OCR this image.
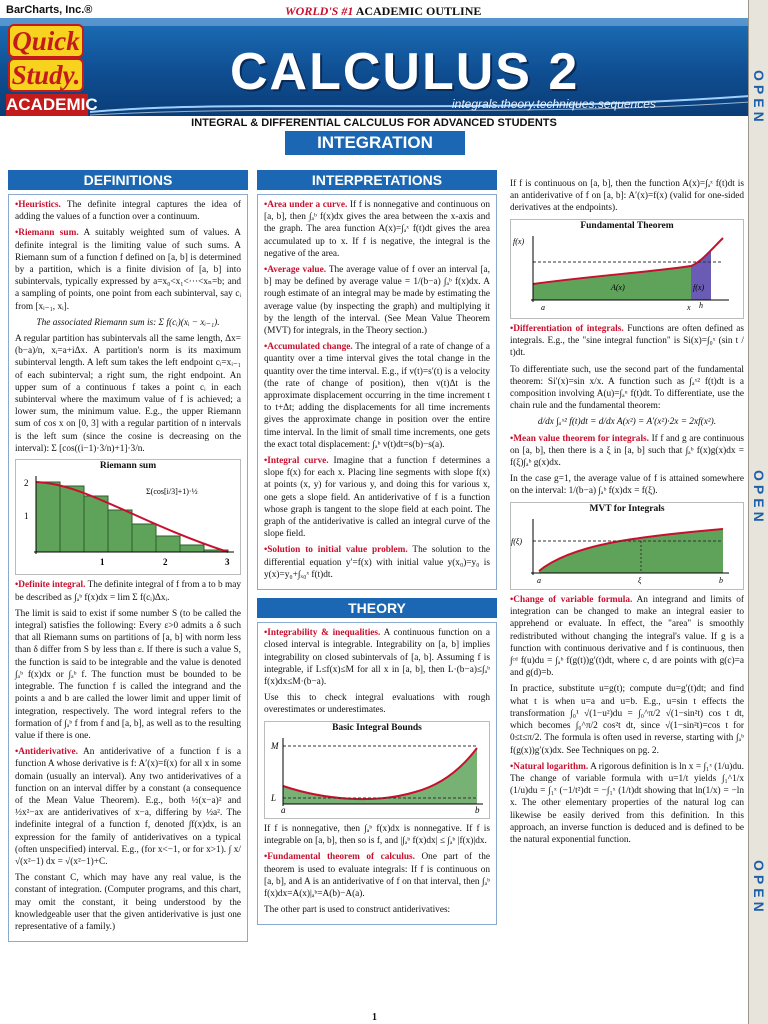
BarCharts, Inc.®	WORLD'S #1 ACADEMIC OUTLINE
Quick
Study.
ACADEMIC
CALCULUS 2
integrals.theory.techniques.sequences	OPEN
OPEN
OPEN
INTEGRAL & DIFFERENTIAL CALCULUS FOR ADVANCED STUDENTS
INTEGRATION
DEFINITIONS

•Heuristics. The definite integral captures the idea of adding the values of a function over a continuum.

•Riemann sum. A suitably weighted sum of values. A definite integral is the limiting value of such sums. A Riemann sum of a function f defined on [a, b] is determined by a partition, which is a finite division of [a, b] into subintervals, typically expressed by a=x₀<x₁<···<xₙ=b; and a sampling of points, one point from each subinterval, say cᵢ from [xᵢ₋₁, xᵢ].

The associated Riemann sum is: Σ f(cᵢ)(xᵢ − xᵢ₋₁).

A regular partition has subintervals all the same length, Δx=(b−a)/n, xᵢ=a+iΔx. A partition's norm is its maximum subinterval length. A left sum takes the left endpoint cᵢ=xᵢ₋₁ of each subinterval; a right sum, the right endpoint. An upper sum of a continuous f takes a point cᵢ in each subinterval where the maximum value of f is achieved; a lower sum, the minimum value. E.g., the upper Riemann sum of cos x on [0, 3] with a regular partition of n intervals is the left sum (since the cosine is decreasing on the interval): Σ [cos((i−1)·3/n)+1]·3/n.

Riemann sum
2
1
1	2	3
Σ(cos[i/3]+1)·½

•Definite integral. The definite integral of f from a to b may be described as ∫ₐᵇ f(x)dx = lim Σ f(cᵢ)Δxᵢ.

The limit is said to exist if some number S (to be called the integral) satisfies the following: Every ε>0 admits a δ such that all Riemann sums on partitions of [a, b] with norm less than δ differ from S by less than ε. If there is such a value S, the function is said to be integrable and the value is denoted ∫ₐᵇ f(x)dx or ∫ₐᵇ f. The function must be bounded to be integrable. The function f is called the integrand and the points a and b are called the lower limit and upper limit of integration, respectively. The word integral refers to the formation of ∫ₐᵇ f from f and [a, b], as well as to the resulting value if there is one.

•Antiderivative. An antiderivative of a function f is a function A whose derivative is f: A′(x)=f(x) for all x in some domain (usually an interval). Any two antiderivatives of a function on an interval differ by a constant (a consequence of the Mean Value Theorem). E.g., both ½(x−a)² and ½x²−ax are antiderivatives of x−a, differing by ½a². The indefinite integral of a function f, denoted ∫f(x)dx, is an expression for the family of antiderivatives on a typical (often unspecified) interval. E.g., (for x<−1, or for x>1). ∫ x/√(x²−1) dx = √(x²−1)+C.

The constant C, which may have any real value, is the constant of integration. (Computer programs, and this chart, may omit the constant, it being understood by the knowledgeable user that the given antiderivative is just one representative of a family.)

INTERPRETATIONS

•Area under a curve. If f is nonnegative and continuous on [a, b], then ∫ₐᵇ f(x)dx gives the area between the x-axis and the graph. The area function A(x)=∫ₐˣ f(t)dt gives the area accumulated up to x. If f is negative, the integral is the negative of the area.

•Average value. The average value of f over an interval [a, b] may be defined by average value = 1/(b−a) ∫ₐᵇ f(x)dx. A rough estimate of an integral may be made by estimating the average value (by inspecting the graph) and multiplying it by the length of the interval. (See Mean Value Theorem (MVT) for integrals, in the Theory section.)

•Accumulated change. The integral of a rate of change of a quantity over a time interval gives the total change in the quantity over the time interval. E.g., if v(t)=s′(t) is a velocity (the rate of change of position), then v(t)Δt is the approximate displacement occurring in the time increment t to t+Δt; adding the displacements for all time increments gives the approximate change in position over the entire time interval. In the limit of small time increments, one gets the exact total displacement: ∫ₐᵇ v(t)dt=s(b)−s(a).

•Integral curve. Imagine that a function f determines a slope f(x) for each x. Placing line segments with slope f(x) at points (x, y) for various y, and doing this for various x, one gets a slope field. An antiderivative of f is a function whose graph is tangent to the slope field at each point. The graph of the antiderivative is called an integral curve of the slope field.

•Solution to initial value problem. The solution to the differential equation y′=f(x) with initial value y(x₀)=y₀ is y(x)=y₀+∫ₓ₀ˣ f(t)dt.

THEORY

•Integrability & inequalities. A continuous function on a closed interval is integrable. Integrability on [a, b] implies integrability on closed subintervals of [a, b]. Assuming f is integrable, if L≤f(x)≤M for all x in [a, b], then L·(b−a)≤∫ₐᵇ f(x)dx≤M·(b−a).

Use this to check integral evaluations with rough overestimates or underestimates.

Basic Integral Bounds
M
L
a	b

If f is nonnegative, then ∫ₐᵇ f(x)dx is nonnegative. If f is integrable on [a, b], then so is f, and |∫ₐᵇ f(x)dx| ≤ ∫ₐᵇ |f(x)|dx.

•Fundamental theorem of calculus. One part of the theorem is used to evaluate integrals: If f is continuous on [a, b], and A is an antiderivative of f on that interval, then ∫ₐᵇ f(x)dx=A(x)|ₐᵇ=A(b)−A(a).

The other part is used to construct antiderivatives:

If f is continuous on [a, b], then the function A(x)=∫ₐˣ f(t)dt is an antiderivative of f on [a, b]: A′(x)=f(x) (valid for one-sided derivatives at the endpoints).

Fundamental Theorem
f(x)
A(x)	f(x)
h
a	x

•Differentiation of integrals. Functions are often defined as integrals. E.g., the "sine integral function" is Si(x)=∫₀ˣ (sin t / t)dt.

To differentiate such, use the second part of the fundamental theorem: Si′(x)=sin x/x. A function such as ∫ₐˣ² f(t)dt is a composition involving A(u)=∫ₐᵘ f(t)dt. To differentiate, use the chain rule and the fundamental theorem:

d/dx ∫ₐˣ² f(t)dt = d/dx A(x²) = A′(x²)·2x = 2xf(x²).

•Mean value theorem for integrals. If f and g are continuous on [a, b], then there is a ξ in [a, b] such that ∫ₐᵇ f(x)g(x)dx = f(ξ)∫ₐᵇ g(x)dx.

In the case g=1, the average value of f is attained somewhere on the interval: 1/(b−a) ∫ₐᵇ f(x)dx = f(ξ).

MVT for Integrals
f(ξ)
a	ξ	b

•Change of variable formula. An integrand and limits of integration can be changed to make an integral easier to apprehend or evaluate. In effect, the "area" is smoothly redistributed without changing the integral's value. If g is a function with continuous derivative and f is continuous, then ∫ᶜᵈ f(u)du = ∫ₐᵇ f(g(t))g′(t)dt, where c, d are points with g(c)=a and g(d)=b.

In practice, substitute u=g(t); compute du=g′(t)dt; and find what t is when u=a and u=b. E.g., u=sin t effects the transformation ∫₀¹ √(1−u²)du = ∫₀^π/2 √(1−sin²t) cos t dt, which becomes ∫₀^π/2 cos²t dt, since √(1−sin²t)=cos t for 0≤t≤π/2. The formula is often used in reverse, starting with ∫ₐᵇ f(g(x))g′(x)dx. See Techniques on pg. 2.

•Natural logarithm. A rigorous definition is ln x = ∫₁ˣ (1/u)du. The change of variable formula with u=1/t yields ∫₁^1/x (1/u)du = ∫₁ˣ (−1/t²)dt = −∫₁ˣ (1/t)dt showing that ln(1/x) = −ln x. The other elementary properties of the natural log can likewise be easily derived from this definition. In this approach, an inverse function is deduced and is defined to be the natural exponential function.

1
